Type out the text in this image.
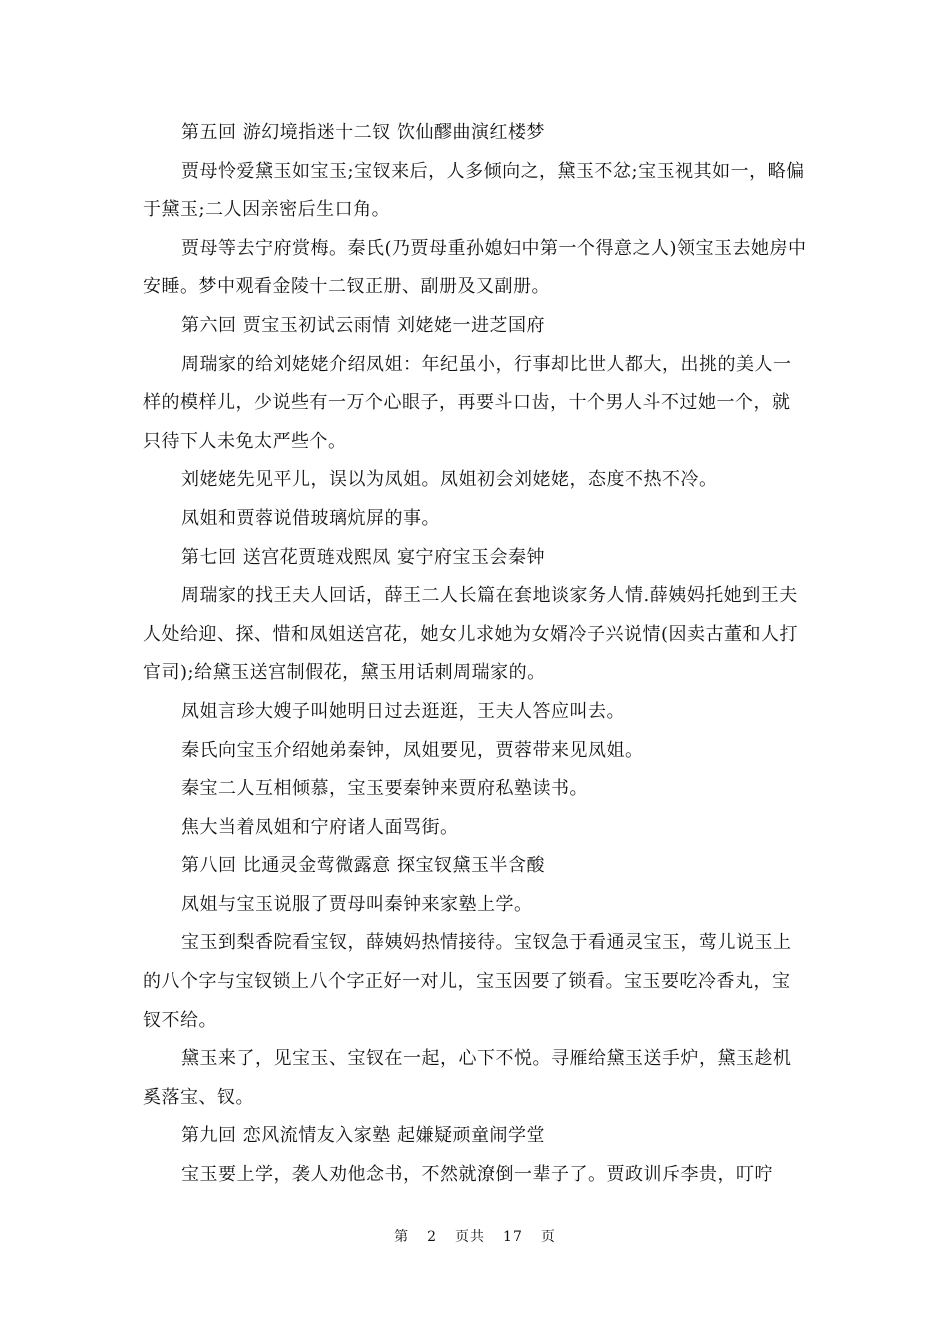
第五回 游幻境指迷十二钗 饮仙醪曲演红楼梦

贾母怜爱黛玉如宝玉;宝钗来后，人多倾向之，黛玉不忿;宝玉视其如一，略偏于黛玉;二人因亲密后生口角。

贾母等去宁府赏梅。秦氏(乃贾母重孙媳妇中第一个得意之人)领宝玉去她房中安睡。梦中观看金陵十二钗正册、副册及又副册。

第六回 贾宝玉初试云雨情 刘姥姥一进芝国府

周瑞家的给刘姥姥介绍凤姐：年纪虽小，行事却比世人都大，出挑的美人一样的模样儿，少说些有一万个心眼子，再要斗口齿，十个男人斗不过她一个，就只待下人未免太严些个。

刘姥姥先见平儿，误以为凤姐。凤姐初会刘姥姥，态度不热不冷。

凤姐和贾蓉说借玻璃炕屏的事。

第七回 送宫花贾琏戏熙凤 宴宁府宝玉会秦钟

周瑞家的找王夫人回话，薛王二人长篇在套地谈家务人情.薛姨妈托她到王夫人处给迎、探、惜和凤姐送宫花，她女儿求她为女婿冷子兴说情(因卖古董和人打官司);给黛玉送宫制假花，黛玉用话刺周瑞家的。

凤姐言珍大嫂子叫她明日过去逛逛，王夫人答应叫去。

秦氏向宝玉介绍她弟秦钟，凤姐要见，贾蓉带来见凤姐。

秦宝二人互相倾慕，宝玉要秦钟来贾府私塾读书。

焦大当着凤姐和宁府诸人面骂街。

第八回 比通灵金莺微露意 探宝钗黛玉半含酸

凤姐与宝玉说服了贾母叫秦钟来家塾上学。

宝玉到梨香院看宝钗，薛姨妈热情接待。宝钗急于看通灵宝玉，莺儿说玉上的八个字与宝钗锁上八个字正好一对儿，宝玉因要了锁看。宝玉要吃冷香丸，宝钗不给。

黛玉来了，见宝玉、宝钗在一起，心下不悦。寻雁给黛玉送手炉，黛玉趁机奚落宝、钗。

第九回 恋风流情友入家塾 起嫌疑顽童闹学堂

宝玉要上学，袭人劝他念书，不然就潦倒一辈子了。贾政训斥李贵，叮咛

第 2 页共 17 页
